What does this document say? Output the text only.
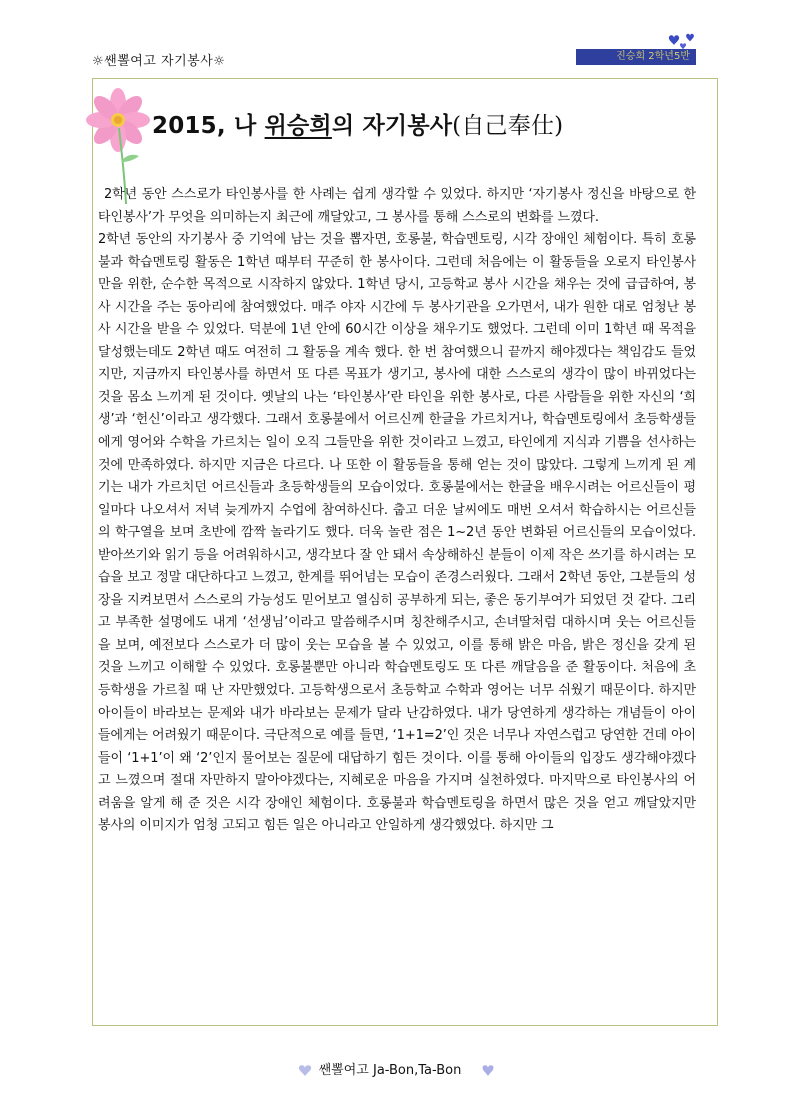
☼쌘뽈여고 자기봉사☼	진승희 2학년5반
2015, 나 위승희의 자기봉사(自己奉仕)

2학년 동안 스스로가 타인봉사를 한 사례는 쉽게 생각할 수 있었다. 하지만 ‘자기봉사 정신을 바탕으로 한 타인봉사’가 무엇을 의미하는지 최근에 깨달았고, 그 봉사를 통해 스스로의 변화를 느꼈다.

2학년 동안의 자기봉사 중 기억에 남는 것을 뽑자면, 호롱불, 학습멘토링, 시각 장애인 체험이다. 특히 호롱불과 학습멘토링 활동은 1학년 때부터 꾸준히 한 봉사이다. 그런데 처음에는 이 활동들을 오로지 타인봉사만을 위한, 순수한 목적으로 시작하지 않았다. 1학년 당시, 고등학교 봉사 시간을 채우는 것에 급급하여, 봉사 시간을 주는 동아리에 참여했었다. 매주 야자 시간에 두 봉사기관을 오가면서, 내가 원한 대로 엄청난 봉사 시간을 받을 수 있었다. 덕분에 1년 안에 60시간 이상을 채우기도 했었다. 그런데 이미 1학년 때 목적을 달성했는데도 2학년 때도 여전히 그 활동을 계속 했다. 한 번 참여했으니 끝까지 해야겠다는 책임감도 들었지만, 지금까지 타인봉사를 하면서 또 다른 목표가 생기고, 봉사에 대한 스스로의 생각이 많이 바뀌었다는 것을 몸소 느끼게 된 것이다. 옛날의 나는 ‘타인봉사’란 타인을 위한 봉사로, 다른 사람들을 위한 자신의 ‘희생’과 ‘헌신’이라고 생각했다. 그래서 호롱불에서 어르신께 한글을 가르치거나, 학습멘토링에서 초등학생들에게 영어와 수학을 가르치는 일이 오직 그들만을 위한 것이라고 느꼈고, 타인에게 지식과 기쁨을 선사하는 것에 만족하였다. 하지만 지금은 다르다. 나 또한 이 활동들을 통해 얻는 것이 많았다. 그렇게 느끼게 된 계기는 내가 가르치던 어르신들과 초등학생들의 모습이었다. 호롱불에서는 한글을 배우시려는 어르신들이 평일마다 나오셔서 저녁 늦게까지 수업에 참여하신다. 춥고 더운 날씨에도 매번 오셔서 학습하시는 어르신들의 학구열을 보며 초반에 깜짝 놀라기도 했다. 더욱 놀란 점은 1~2년 동안 변화된 어르신들의 모습이었다. 받아쓰기와 읽기 등을 어려워하시고, 생각보다 잘 안 돼서 속상해하신 분들이 이제 작은 쓰기를 하시려는 모습을 보고 정말 대단하다고 느꼈고, 한계를 뛰어넘는 모습이 존경스러웠다. 그래서 2학년 동안, 그분들의 성장을 지켜보면서 스스로의 가능성도 믿어보고 열심히 공부하게 되는, 좋은 동기부여가 되었던 것 같다. 그리고 부족한 설명에도 내게 ‘선생님’이라고 말씀해주시며 칭찬해주시고, 손녀딸처럼 대하시며 웃는 어르신들을 보며, 예전보다 스스로가 더 많이 웃는 모습을 볼 수 있었고, 이를 통해 밝은 마음, 밝은 정신을 갖게 된 것을 느끼고 이해할 수 있었다. 호롱불뿐만 아니라 학습멘토링도 또 다른 깨달음을 준 활동이다. 처음에 초등학생을 가르칠 때 난 자만했었다. 고등학생으로서 초등학교 수학과 영어는 너무 쉬웠기 때문이다. 하지만 아이들이 바라보는 문제와 내가 바라보는 문제가 달라 난감하였다. 내가 당연하게 생각하는 개념들이 아이들에게는 어려웠기 때문이다. 극단적으로 예를 들면, ‘1+1=2’인 것은 너무나 자연스럽고 당연한 건데 아이들이 ‘1+1’이 왜 ‘2’인지 물어보는 질문에 대답하기 힘든 것이다. 이를 통해 아이들의 입장도 생각해야겠다고 느꼈으며 절대 자만하지 말아야겠다는, 지혜로운 마음을 가지며 실천하였다. 마지막으로 타인봉사의 어려움을 알게 해 준 것은 시각 장애인 체험이다. 호롱불과 학습멘토링을 하면서 많은 것을 얻고 깨달았지만 봉사의 이미지가 엄청 고되고 힘든 일은 아니라고 안일하게 생각했었다. 하지만 그

쌘뽈여고 Ja-Bon,Ta-Bon
